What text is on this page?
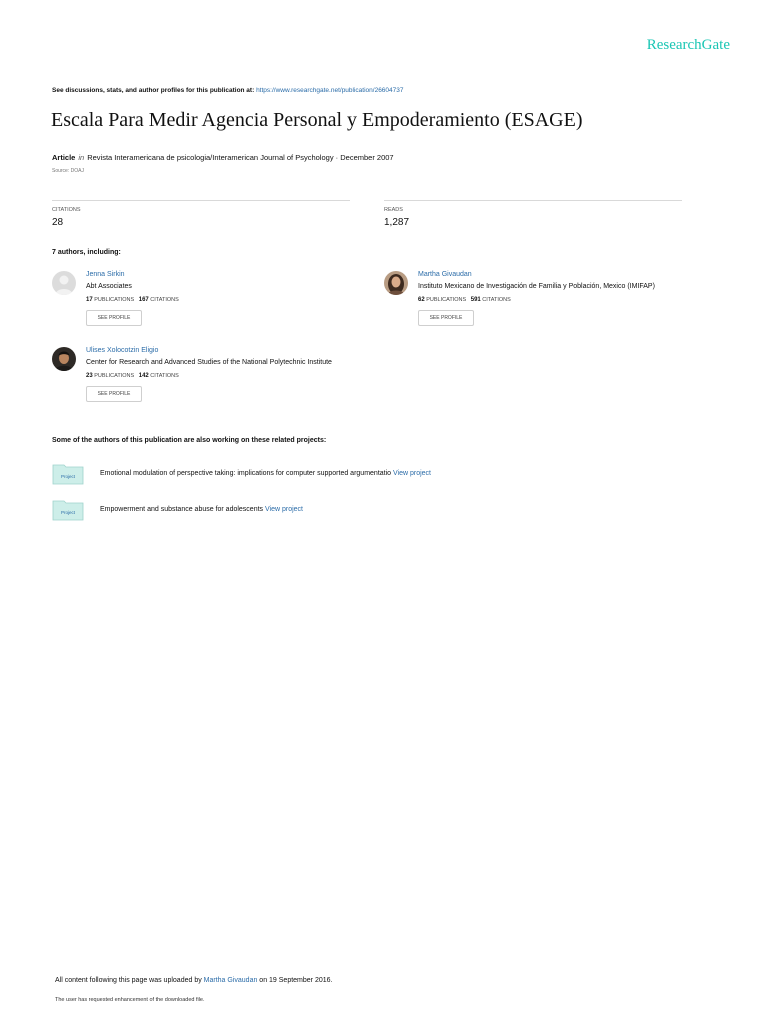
ResearchGate
See discussions, stats, and author profiles for this publication at: https://www.researchgate.net/publication/26604737
Escala Para Medir Agencia Personal y Empoderamiento (ESAGE)
Article in Revista Interamericana de psicologia/Interamerican Journal of Psychology · December 2007
Source: DOAJ
CITATIONS
28
READS
1,287
7 authors, including:
Jenna Sirkin
Abt Associates
17 PUBLICATIONS 167 CITATIONS
SEE PROFILE
Martha Givaudan
Instituto Mexicano de Investigación de Familia y Población, Mexico (IMIFAP)
62 PUBLICATIONS 591 CITATIONS
SEE PROFILE
Ulises Xolocotzin Eligio
Center for Research and Advanced Studies of the National Polytechnic Institute
23 PUBLICATIONS 142 CITATIONS
SEE PROFILE
Some of the authors of this publication are also working on these related projects:
Project	Emotional modulation of perspective taking: implications for computer supported argumentatio View project
Project	Empowerment and substance abuse for adolescents View project
All content following this page was uploaded by Martha Givaudan on 19 September 2016.
The user has requested enhancement of the downloaded file.
